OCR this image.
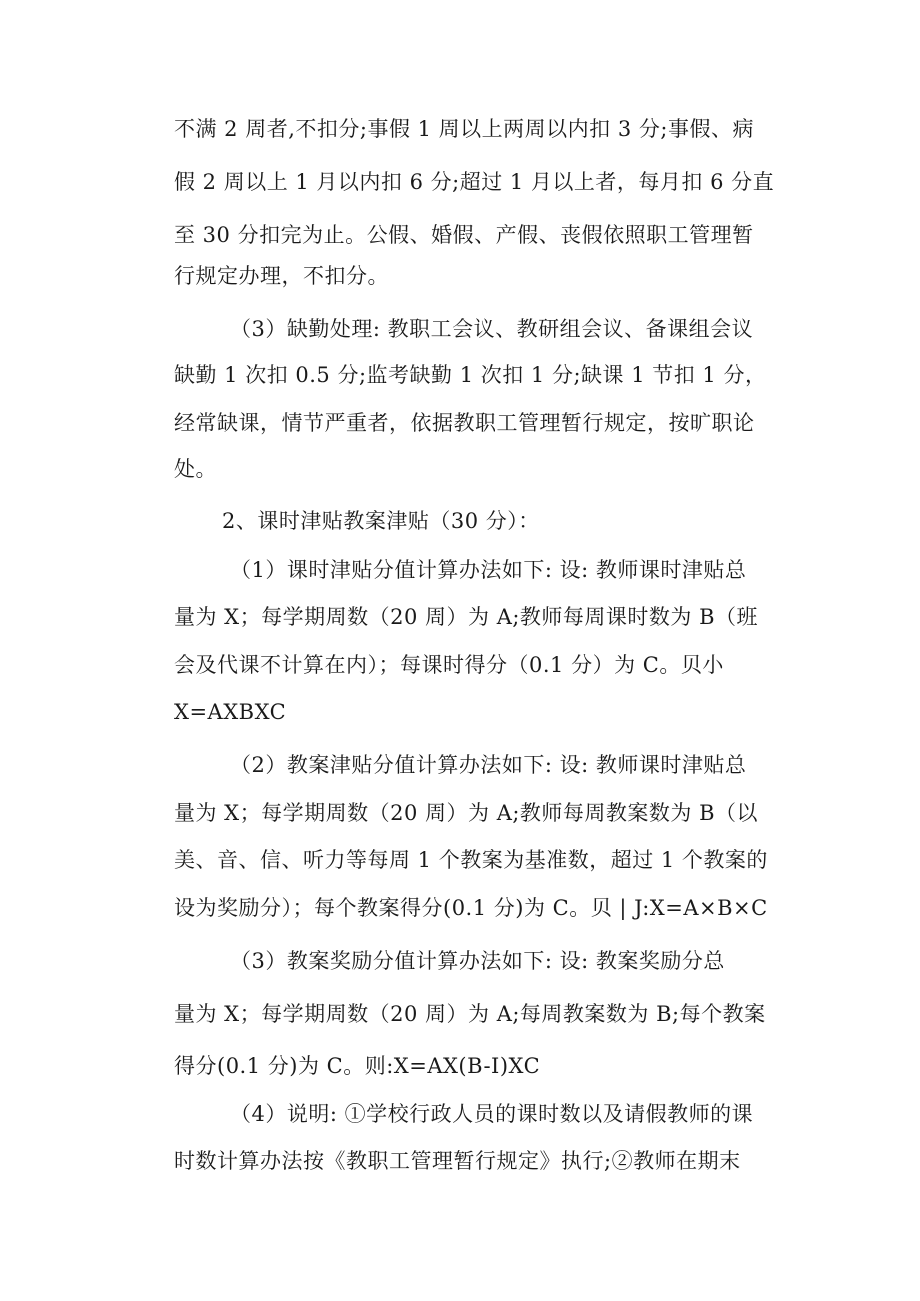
不满 2 周者,不扣分;事假 1 周以上两周以内扣 3 分;事假、病
假 2 周以上 1 月以内扣 6 分;超过 1 月以上者，每月扣 6 分直
至 30 分扣完为止。公假、婚假、产假、丧假依照职工管理暂
行规定办理，不扣分。
（3）缺勤处理: 教职工会议、教研组会议、备课组会议
缺勤 1 次扣 0.5 分;监考缺勤 1 次扣 1 分;缺课 1 节扣 1 分，
经常缺课，情节严重者，依据教职工管理暂行规定，按旷职论
处。
2、课时津贴教案津贴（30 分）：
（1）课时津贴分值计算办法如下: 设: 教师课时津贴总
量为 X；每学期周数（20 周）为 A;教师每周课时数为 B（班
会及代课不计算在内）；每课时得分（0.1 分）为 C。贝小
X=AXBXC
（2）教案津贴分值计算办法如下: 设: 教师课时津贴总
量为 X；每学期周数（20 周）为 A;教师每周教案数为 B（以
美、音、信、听力等每周 1 个教案为基准数，超过 1 个教案的
设为奖励分）；每个教案得分(0.1 分)为 C。贝 | J:X=A×B×C
（3）教案奖励分值计算办法如下: 设: 教案奖励分总
量为 X；每学期周数（20 周）为 A;每周教案数为 B;每个教案
得分(0.1 分)为 C。则:X=AX(B-I)XC
（4）说明: ①学校行政人员的课时数以及请假教师的课
时数计算办法按《教职工管理暂行规定》执行;②教师在期末
